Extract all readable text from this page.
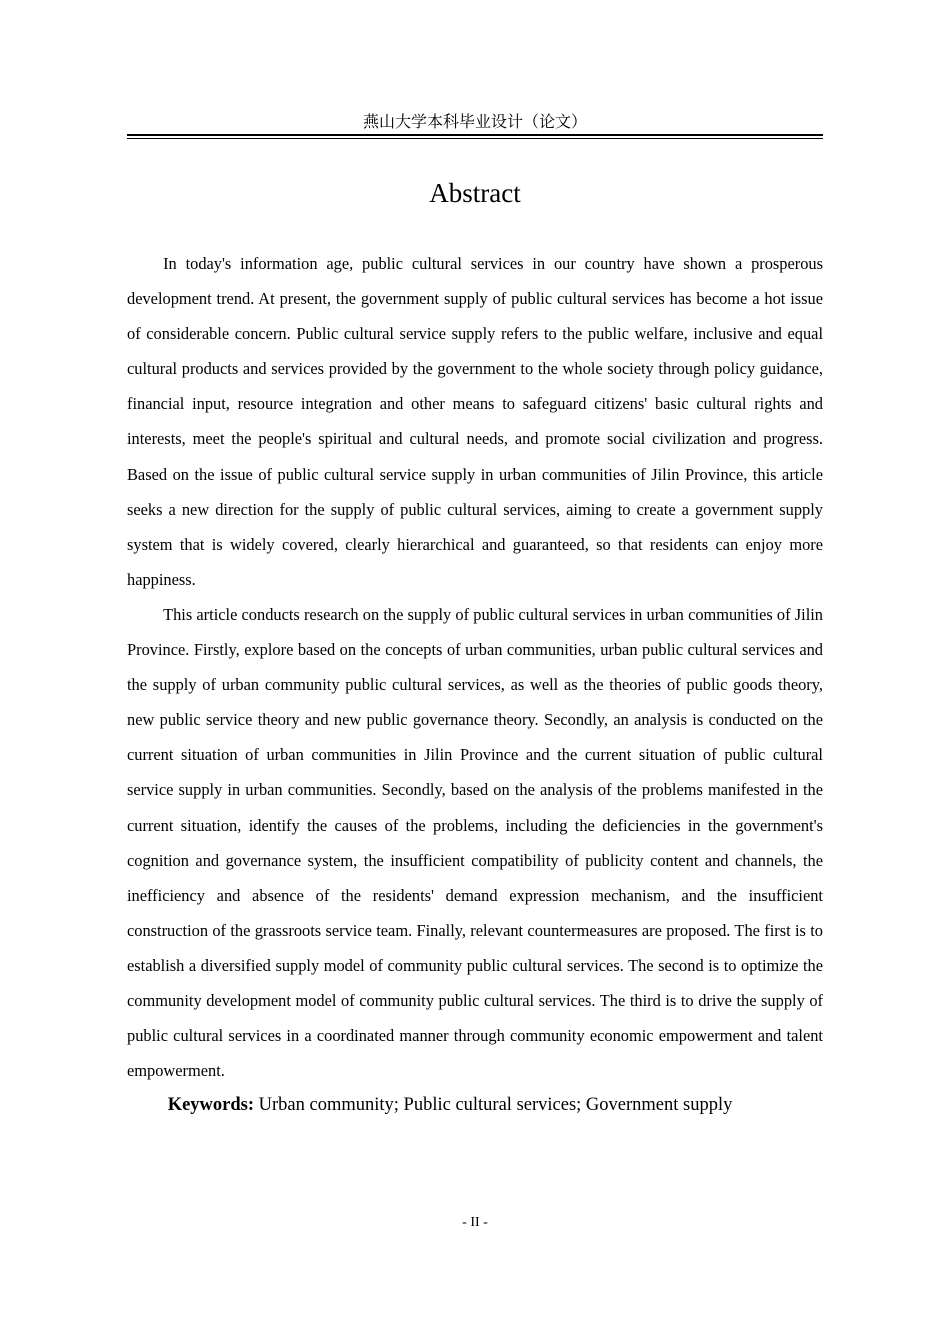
燕山大学本科毕业设计（论文）
Abstract

In today's information age, public cultural services in our country have shown a prosperous development trend. At present, the government supply of public cultural services has become a hot issue of considerable concern. Public cultural service supply refers to the public welfare, inclusive and equal cultural products and services provided by the government to the whole society through policy guidance, financial input, resource integration and other means to safeguard citizens' basic cultural rights and interests, meet the people's spiritual and cultural needs, and promote social civilization and progress. Based on the issue of public cultural service supply in urban communities of Jilin Province, this article seeks a new direction for the supply of public cultural services, aiming to create a government supply system that is widely covered, clearly hierarchical and guaranteed, so that residents can enjoy more happiness.

This article conducts research on the supply of public cultural services in urban communities of Jilin Province. Firstly, explore based on the concepts of urban communities, urban public cultural services and the supply of urban community public cultural services, as well as the theories of public goods theory, new public service theory and new public governance theory. Secondly, an analysis is conducted on the current situation of urban communities in Jilin Province and the current situation of public cultural service supply in urban communities. Secondly, based on the analysis of the problems manifested in the current situation, identify the causes of the problems, including the deficiencies in the government's cognition and governance system, the insufficient compatibility of publicity content and channels, the inefficiency and absence of the residents' demand expression mechanism, and the insufficient construction of the grassroots service team. Finally, relevant countermeasures are proposed. The first is to establish a diversified supply model of community public cultural services. The second is to optimize the community development model of community public cultural services. The third is to drive the supply of public cultural services in a coordinated manner through community economic empowerment and talent empowerment.

Keywords: Urban community; Public cultural services; Government supply

- II -
